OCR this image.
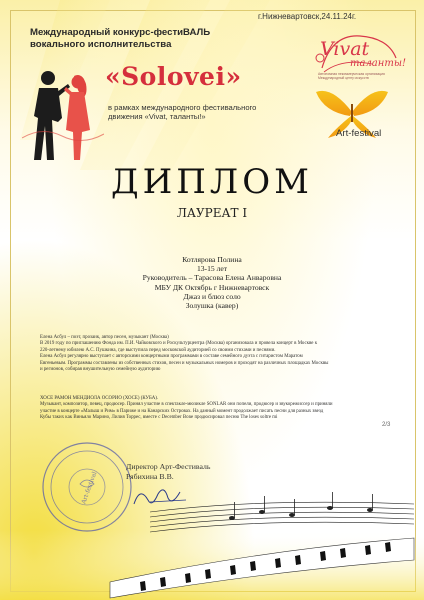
г.Нижневартовск,24.11.24г.
Международный конкурс-фестиВАЛЬ
вокального исполнительства
«Solovei»
в рамках международного фестивального
движения «Vivat, таланты!»
Vivat
таланты!
Автономная некоммерческая организация Международный центр искусств
Art-festival
ДИПЛОМ
ЛАУРЕАТ I
Котлярова Полина
13-15 лет
Руководитель – Тарасова Елена Анваровна
МБУ ДК Октябрь г Нижневартовск
Джаз и блюз соло
Золушка (кавер)
Елена Асбул – поэт, прозаик, автор песен, музыкант (Москва)
В 2019 году по приглашению Фонда им. П.И. Чайковского и Роскультурцентра (Москва) организовала и провела концерт в Москве к
220-летнему юбилею А.С. Пушкина, где выступила перед московской аудиторией со своими стихами и песнями.
Елена Асбул регулярно выступает с авторскими концертными программами в составе семейного дуэта с гитаристом Маратом
Евгеньевым. Программы составлены из собственных стихов, песен и музыкальных номеров и проходят на различных площадках Москвы
и регионов, собирая внушительную семейную аудиторию
ХОСЕ РАМОН МЕНДИОЛА ОСОРИО (ХОСЕ) (КУБА).
Музыкант, композитор, певец, продюсер. Принял участие в спектакле-мюзикле SONLAR они попели, продюсер и звукорежиссер и приняли
участие в концерте «Малыш и Рим» в Париже и на Канарских Островах. На данный момент продолжает писать песни для разных звезд
Кубы таких как Виньяло Марино, Лилия Торрес, вместе с December Bone продюсировал песню The loses soltre mi
2/3
Art-festival
Директор Арт-Фестиваль
Рябихина В.В.
